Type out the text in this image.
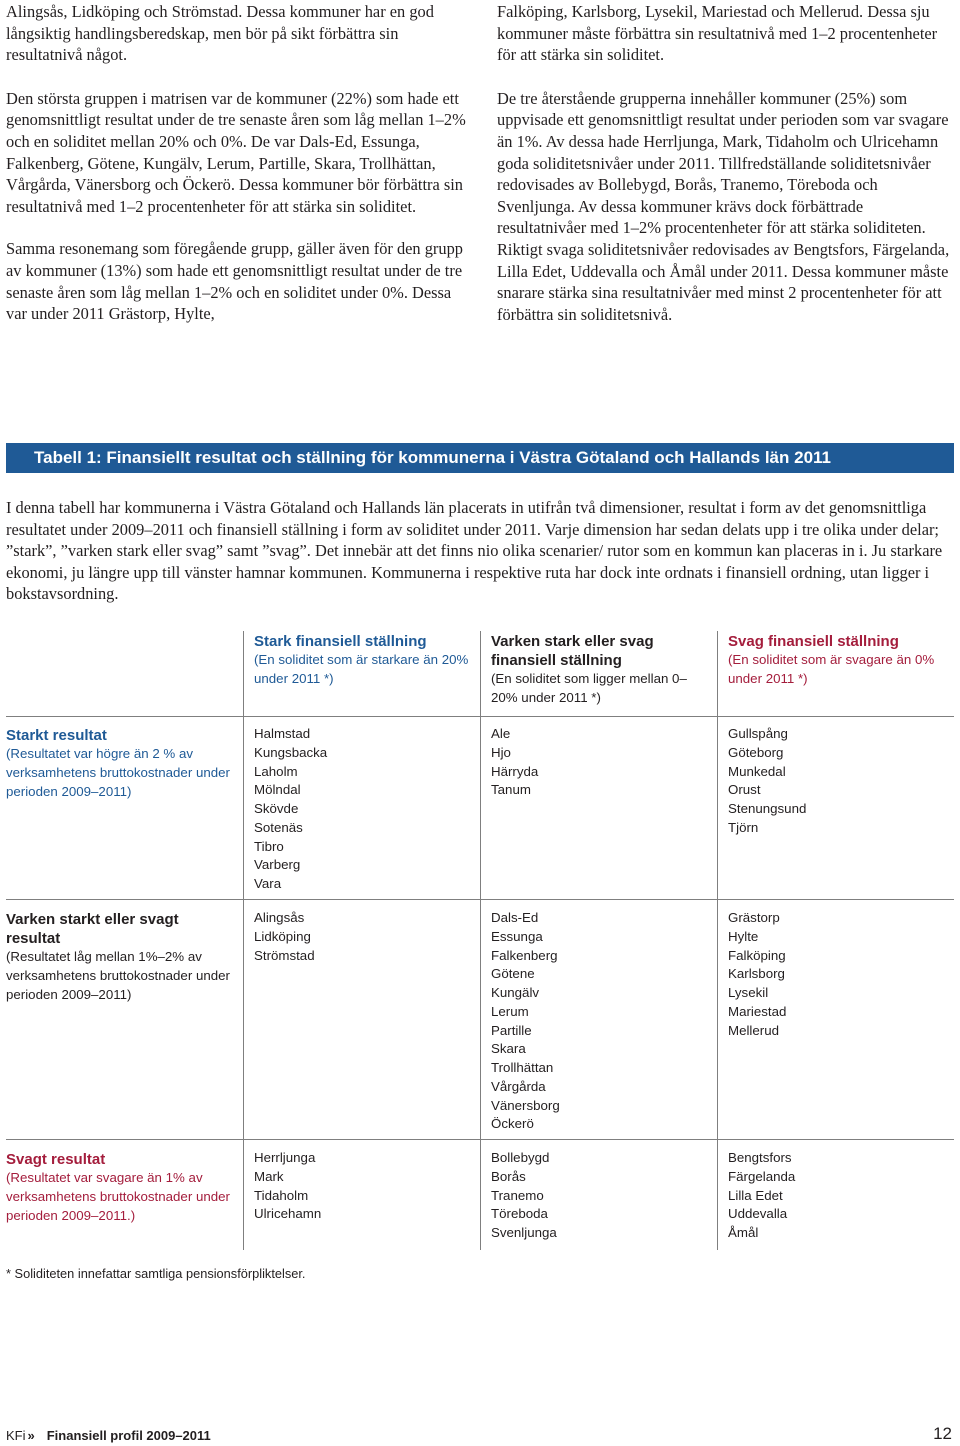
Alingsås, Lidköping och Strömstad. Dessa kommuner har en god långsiktig handlingsberedskap, men bör på sikt förbättra sin resultatnivå något.

Den största gruppen i matrisen var de kommuner (22%) som hade ett genomsnittligt resultat under de tre senaste åren som låg mellan 1–2% och en soliditet mellan 20% och 0%. De var Dals-Ed, Essunga, Falkenberg, Götene, Kungälv, Lerum, Partille, Skara, Trollhättan, Vårgårda, Vänersborg och Öckerö. Dessa kommuner bör förbättra sin resultatnivå med 1–2 procentenheter för att stärka sin soliditet.

Samma resonemang som föregående grupp, gäller även för den grupp av kommuner (13%) som hade ett genomsnittligt resultat under de tre senaste åren som låg mellan 1–2% och en soliditet under 0%. Dessa var under 2011 Grästorp, Hylte,

Falköping, Karlsborg, Lysekil, Mariestad och Mellerud. Dessa sju kommuner måste förbättra sin resultatnivå med 1–2 procentenheter för att stärka sin soliditet.

De tre återstående grupperna innehåller kommuner (25%) som uppvisade ett genomsnittligt resultat under perioden som var svagare än 1%. Av dessa hade Herrljunga, Mark, Tidaholm och Ulricehamn goda soliditetsnivåer under 2011. Tillfredställande soliditetsnivåer redovisades av Bollebygd, Borås, Tranemo, Töreboda och Svenljunga. Av dessa kommuner krävs dock förbättrade resultatnivåer med 1–2% procentenheter för att stärka soliditeten. Riktigt svaga soliditetsnivåer redovisades av Bengtsfors, Färgelanda, Lilla Edet, Uddevalla och Åmål under 2011. Dessa kommuner måste snarare stärka sina resultatnivåer med minst 2 procentenheter för att förbättra sin soliditetsnivå.

Tabell 1: Finansiellt resultat och ställning för kommunerna i Västra Götaland och Hallands län 2011
I denna tabell har kommunerna i Västra Götaland och Hallands län placerats in utifrån två dimensioner, resultat i form av det genomsnittliga resultatet under 2009–2011 och finansiell ställning i form av soliditet under 2011. Varje dimension har sedan delats upp i tre olika under delar; ”stark”, ”varken stark eller svag” samt ”svag”. Det innebär att det finns nio olika scenarier/ rutor som en kommun kan placeras in i. Ju starkare ekonomi, ju längre upp till vänster hamnar kommunen. Kommunerna i respektive ruta har dock inte ordnats i finansiell ordning, utan ligger i bokstavsordning.
Stark finansiell ställning
(En soliditet som är starkare än 20% under 2011 *)
Varken stark eller svag finansiell ställning
(En soliditet som ligger mellan 0–20% under 2011 *)
Svag finansiell ställning
(En soliditet som är svagare än 0% under 2011 *)
Starkt resultat
(Resultatet var högre än 2 % av verksamhetens bruttokostnader under perioden 2009–2011)
Halmstad
Kungsbacka
Laholm
Mölndal
Skövde
Sotenäs
Tibro
Varberg
Vara
Ale
Hjo
Härryda
Tanum
Gullspång
Göteborg
Munkedal
Orust
Stenungsund
Tjörn
Varken starkt eller svagt resultat
(Resultatet låg mellan 1%–2% av verksamhetens bruttokostnader under perioden 2009–2011)
Alingsås
Lidköping
Strömstad
Dals-Ed
Essunga
Falkenberg
Götene
Kungälv
Lerum
Partille
Skara
Trollhättan
Vårgårda
Vänersborg
Öckerö
Grästorp
Hylte
Falköping
Karlsborg
Lysekil
Mariestad
Mellerud
Svagt resultat
(Resultatet var svagare än 1% av verksamhetens bruttokostnader under perioden 2009–2011.)
Herrljunga
Mark
Tidaholm
Ulricehamn
Bollebygd
Borås
Tranemo
Töreboda
Svenljunga
Bengtsfors
Färgelanda
Lilla Edet
Uddevalla
Åmål
* Soliditeten innefattar samtliga pensionsförpliktelser.
KFi » Finansiell profil 2009–2011	12
